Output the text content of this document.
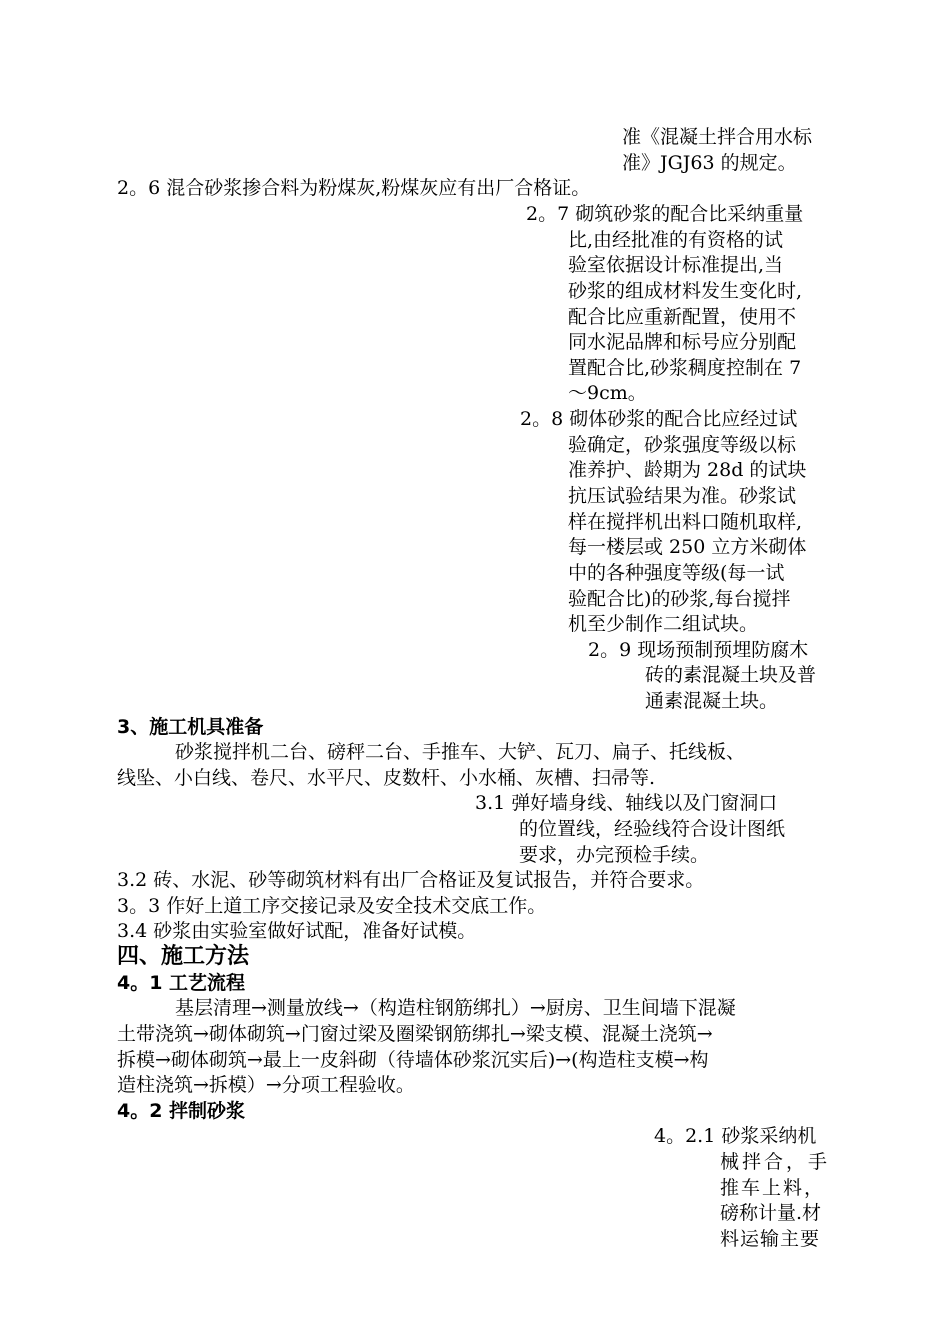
准《混凝土拌合用水标
准》JGJ63 的规定。
2。6 混合砂浆掺合料为粉煤灰,粉煤灰应有出厂合格证。
2。7 砌筑砂浆的配合比采纳重量
比,由经批准的有资格的试
验室依据设计标准提出,当
砂浆的组成材料发生变化时,
配合比应重新配置，使用不
同水泥品牌和标号应分别配
置配合比,砂浆稠度控制在 7
～9cm。
2。8 砌体砂浆的配合比应经过试
验确定，砂浆强度等级以标
准养护、龄期为 28d 的试块
抗压试验结果为准。砂浆试
样在搅拌机出料口随机取样,
每一楼层或 250 立方米砌体
中的各种强度等级(每一试
验配合比)的砂浆,每台搅拌
机至少制作二组试块。
2。9 现场预制预埋防腐木
砖的素混凝土块及普
通素混凝土块。
3、施工机具准备
砂浆搅拌机二台、磅秤二台、手推车、大铲、瓦刀、扁子、托线板、
线坠、小白线、卷尺、水平尺、皮数杆、小水桶、灰槽、扫帚等.
3.1 弹好墙身线、轴线以及门窗洞口
的位置线，经验线符合设计图纸
要求，办完预检手续。
3.2 砖、水泥、砂等砌筑材料有出厂合格证及复试报告，并符合要求。
3。3 作好上道工序交接记录及安全技术交底工作。
3.4 砂浆由实验室做好试配，准备好试模。
四、施工方法
4。1 工艺流程
基层清理→测量放线→（构造柱钢筋绑扎）→厨房、卫生间墙下混凝
土带浇筑→砌体砌筑→门窗过梁及圈梁钢筋绑扎→梁支模、混凝土浇筑→
拆模→砌体砌筑→最上一皮斜砌（待墙体砂浆沉实后)→(构造柱支模→构
造柱浇筑→拆模）→分项工程验收。
4。2 拌制砂浆
4。2.1 砂浆采纳机
械拌合，手
推车上料，
磅称计量.材
料运输主要
